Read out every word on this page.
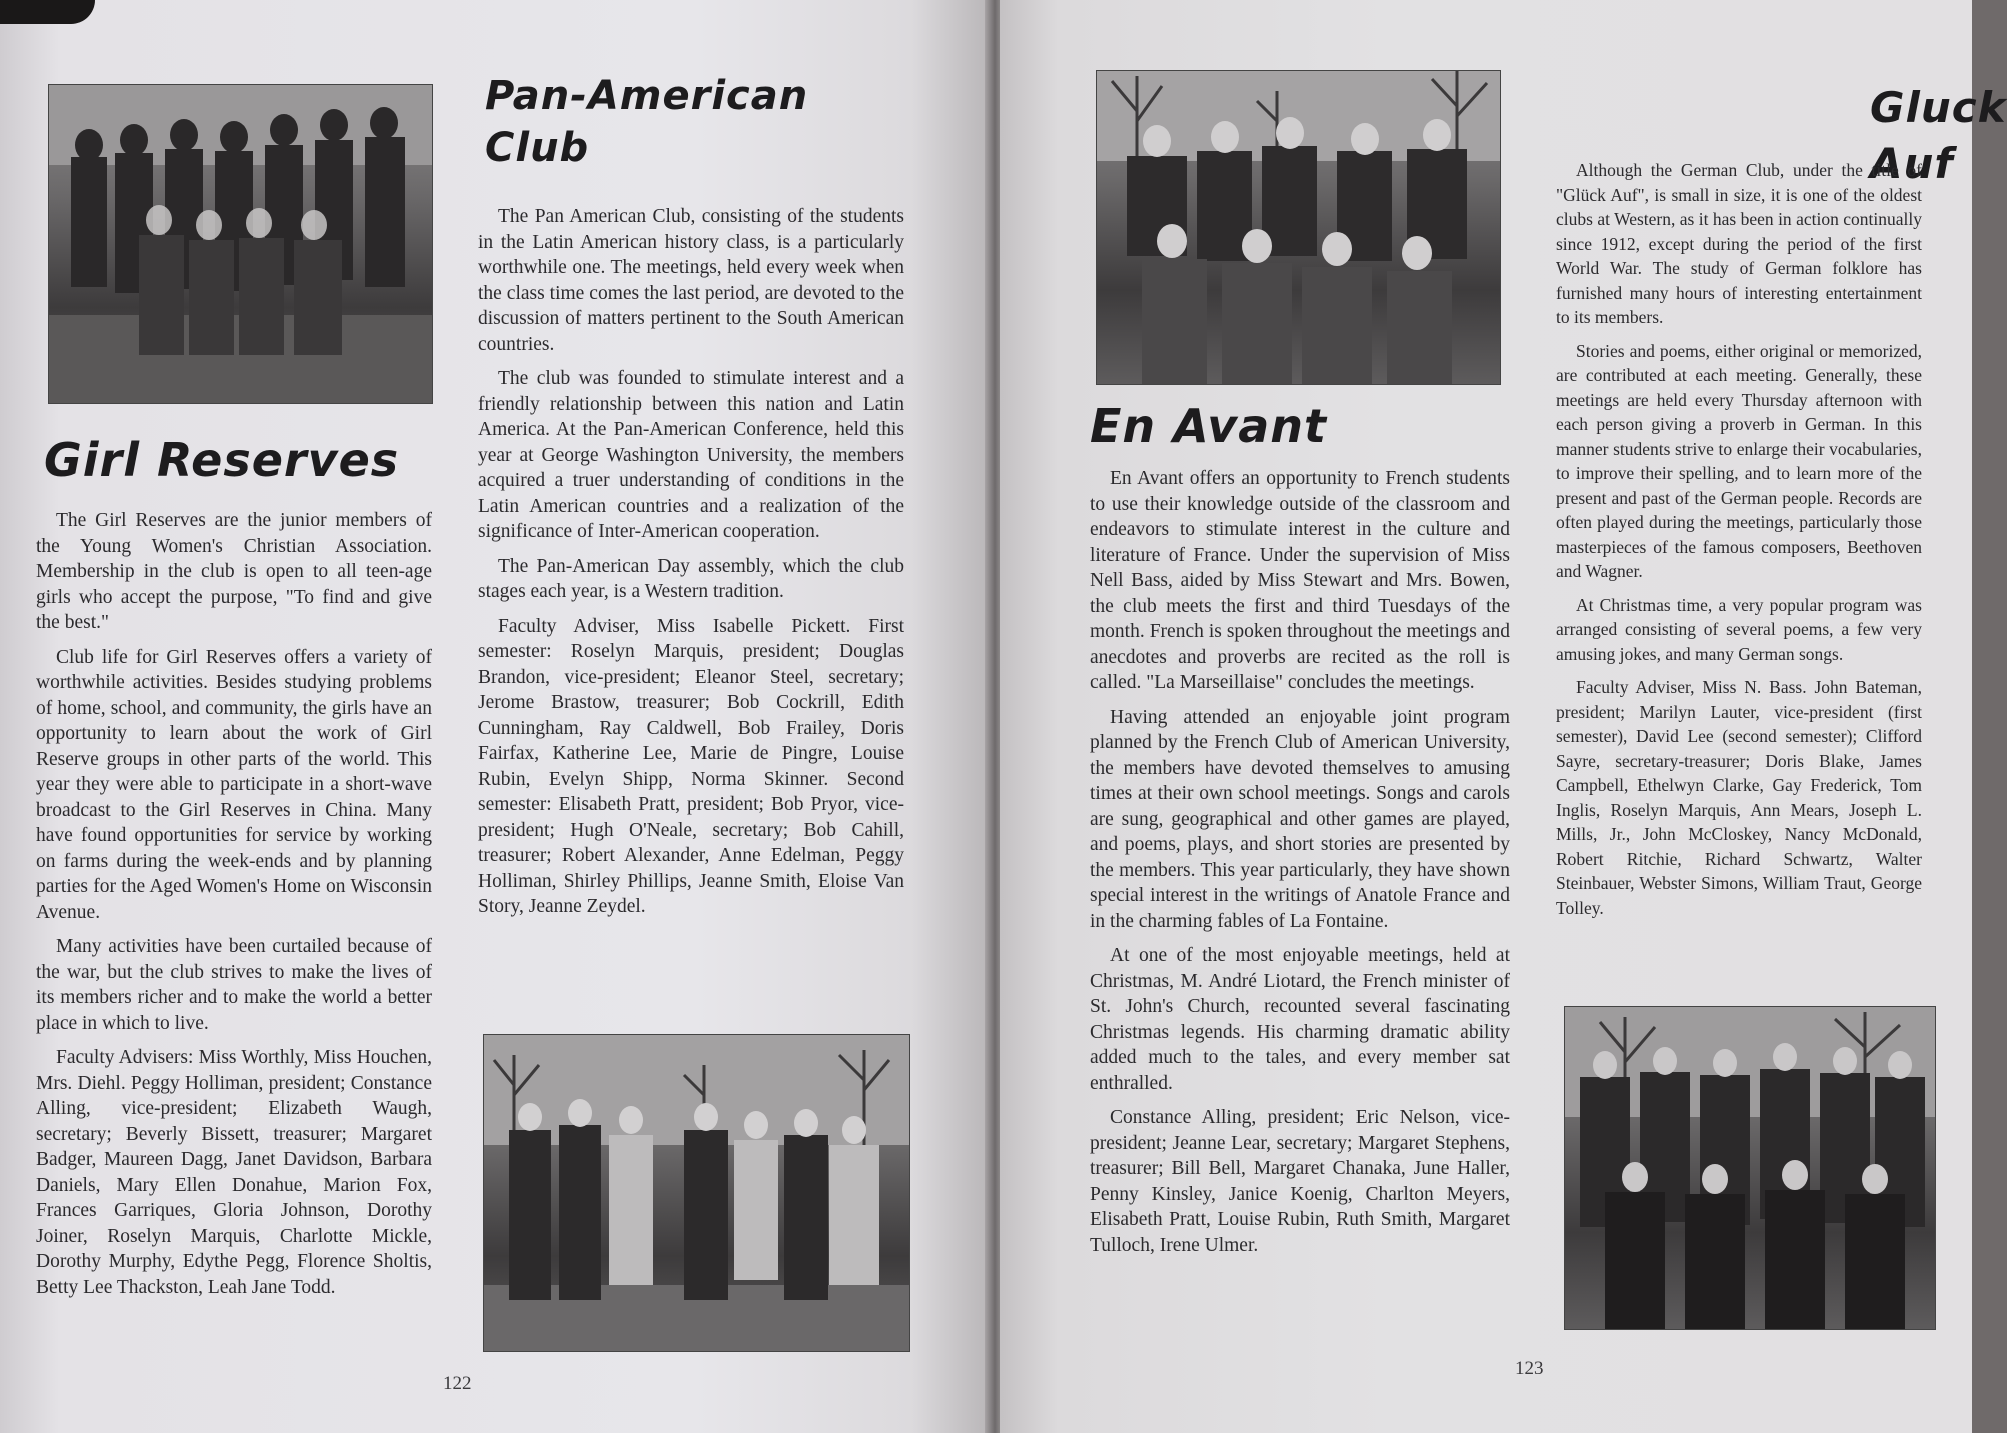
Girl Reserves

The Girl Reserves are the junior members of the Young Women's Christian Association. Membership in the club is open to all teen-age girls who accept the purpose, "To find and give the best."

Club life for Girl Reserves offers a variety of worthwhile activities. Besides studying problems of home, school, and community, the girls have an opportunity to learn about the work of Girl Reserve groups in other parts of the world. This year they were able to participate in a short-wave broadcast to the Girl Reserves in China. Many have found opportunities for service by working on farms during the week-ends and by planning parties for the Aged Women's Home on Wisconsin Avenue.

Many activities have been curtailed because of the war, but the club strives to make the lives of its members richer and to make the world a better place in which to live.

Faculty Advisers: Miss Worthly, Miss Houchen, Mrs. Diehl. Peggy Holliman, president; Constance Alling, vice-president; Elizabeth Waugh, secretary; Beverly Bissett, treasurer; Margaret Badger, Maureen Dagg, Janet Davidson, Barbara Daniels, Mary Ellen Donahue, Marion Fox, Frances Garriques, Gloria Johnson, Dorothy Joiner, Roselyn Marquis, Charlotte Mickle, Dorothy Murphy, Edythe Pegg, Florence Sholtis, Betty Lee Thackston, Leah Jane Todd.

Pan-American
Club

The Pan American Club, consisting of the students in the Latin American history class, is a particularly worthwhile one. The meetings, held every week when the class time comes the last period, are devoted to the discussion of matters pertinent to the South American countries.

The club was founded to stimulate interest and a friendly relationship between this nation and Latin America. At the Pan-American Conference, held this year at George Washington University, the members acquired a truer understanding of conditions in the Latin American countries and a realization of the significance of Inter-American cooperation.

The Pan-American Day assembly, which the club stages each year, is a Western tradition.

Faculty Adviser, Miss Isabelle Pickett. First semester: Roselyn Marquis, president; Douglas Brandon, vice-president; Eleanor Steel, secretary; Jerome Brastow, treasurer; Bob Cockrill, Edith Cunningham, Ray Caldwell, Bob Frailey, Doris Fairfax, Katherine Lee, Marie de Pingre, Louise Rubin, Evelyn Shipp, Norma Skinner. Second semester: Elisabeth Pratt, president; Bob Pryor, vice-president; Hugh O'Neale, secretary; Bob Cahill, treasurer; Robert Alexander, Anne Edelman, Peggy Holliman, Shirley Phillips, Jeanne Smith, Eloise Van Story, Jeanne Zeydel.

122
Gluck Auf

Although the German Club, under the title of "Glück Auf", is small in size, it is one of the oldest clubs at Western, as it has been in action continually since 1912, except during the period of the first World War. The study of German folklore has furnished many hours of interesting entertainment to its members.

Stories and poems, either original or memorized, are contributed at each meeting. Generally, these meetings are held every Thursday afternoon with each person giving a proverb in German. In this manner students strive to enlarge their vocabularies, to improve their spelling, and to learn more of the present and past of the German people. Records are often played during the meetings, particularly those masterpieces of the famous composers, Beethoven and Wagner.

At Christmas time, a very popular program was arranged consisting of several poems, a few very amusing jokes, and many German songs.

Faculty Adviser, Miss N. Bass. John Bateman, president; Marilyn Lauter, vice-president (first semester), David Lee (second semester); Clifford Sayre, secretary-treasurer; Doris Blake, James Campbell, Ethelwyn Clarke, Gay Frederick, Tom Inglis, Roselyn Marquis, Ann Mears, Joseph L. Mills, Jr., John McCloskey, Nancy McDonald, Robert Ritchie, Richard Schwartz, Walter Steinbauer, Webster Simons, William Traut, George Tolley.

En Avant

En Avant offers an opportunity to French students to use their knowledge outside of the classroom and endeavors to stimulate interest in the culture and literature of France. Under the supervision of Miss Nell Bass, aided by Miss Stewart and Mrs. Bowen, the club meets the first and third Tuesdays of the month. French is spoken throughout the meetings and anecdotes and proverbs are recited as the roll is called. "La Marseillaise" concludes the meetings.

Having attended an enjoyable joint program planned by the French Club of American University, the members have devoted themselves to amusing times at their own school meetings. Songs and carols are sung, geographical and other games are played, and poems, plays, and short stories are presented by the members. This year particularly, they have shown special interest in the writings of Anatole France and in the charming fables of La Fontaine.

At one of the most enjoyable meetings, held at Christmas, M. André Liotard, the French minister of St. John's Church, recounted several fascinating Christmas legends. His charming dramatic ability added much to the tales, and every member sat enthralled.

Constance Alling, president; Eric Nelson, vice-president; Jeanne Lear, secretary; Margaret Stephens, treasurer; Bill Bell, Margaret Chanaka, June Haller, Penny Kinsley, Janice Koenig, Charlton Meyers, Elisabeth Pratt, Louise Rubin, Ruth Smith, Margaret Tulloch, Irene Ulmer.

123
